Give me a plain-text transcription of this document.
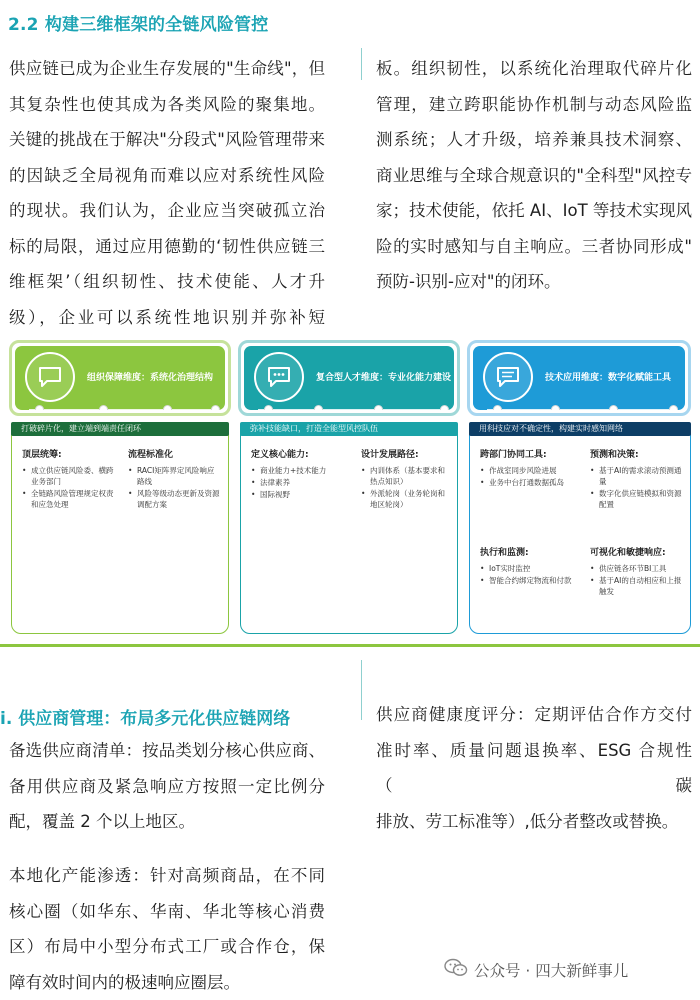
2.2 构建三维框架的全链风险管控
供应链已成为企业生存发展的"生命线"，但
其复杂性也使其成为各类风险的聚集地。
关键的挑战在于解决"分段式"风险管理带来
的因缺乏全局视角而难以应对系统性风险
的现状。我们认为，企业应当突破孤立治
标的局限，通过应用德勤的‘韧性供应链三
维框架’（组织韧性、技术使能、人才升
级），企业可以系统性地识别并弥补短
板。组织韧性，以系统化治理取代碎片化
管理，建立跨职能协作机制与动态风险监
测系统；人才升级，培养兼具技术洞察、
商业思维与全球合规意识的"全科型"风控专
家；技术使能，依托 AI、IoT 等技术实现风
险的实时感知与自主响应。三者协同形成"
预防-识别-应对"的闭环。
组织保障维度：系统化治理结构	复合型人才维度：专业化能力建设	技术应用维度：数字化赋能工具
顶层统筹:
• 成立供应链风险委、横跨业务部门
• 全链路风险管理规定权责和应急处理
流程标准化
• RACI矩阵界定风险响应路线
• 风险等级动态更新及资源调配方案
打破碎片化，建立端到端责任闭环
定义核心能力:
• 商业能力+技术能力
• 法律素养
• 国际视野
设计发展路径:
• 内训体系（基本要求和热点知识）
• 外派轮岗（业务轮岗和地区轮岗）
弥补技能缺口，打造全能型风控队伍
跨部门协同工具:
• 作战室同步风险进展
• 业务中台打通数据孤岛
预测和决策:
• 基于AI的需求滚动预测通量
• 数字化供应链模拟和资源配置
执行和监测:
• IoT实时监控
• 智能合约绑定物流和付款
可视化和敏捷响应:
• 供应链各环节BI工具
• 基于AI的自动相应和上报触发
用科技应对不确定性，构建实时感知网络
i. 供应商管理：布局多元化供应链网络
备选供应商清单：按品类划分核心供应商、
备用供应商及紧急响应方按照一定比例分
配，覆盖 2 个以上地区。
本地化产能渗透：针对高频商品，在不同
核心圈（如华东、华南、华北等核心消费
区）布局中小型分布式工厂或合作仓，保
障有效时间内的极速响应圈层。
供应商健康度评分：定期评估合作方交付
准时率、质量问题退换率、ESG 合规性（碳
排放、劳工标准等）,低分者整改或替换。
公众号 · 四大新鲜事儿
